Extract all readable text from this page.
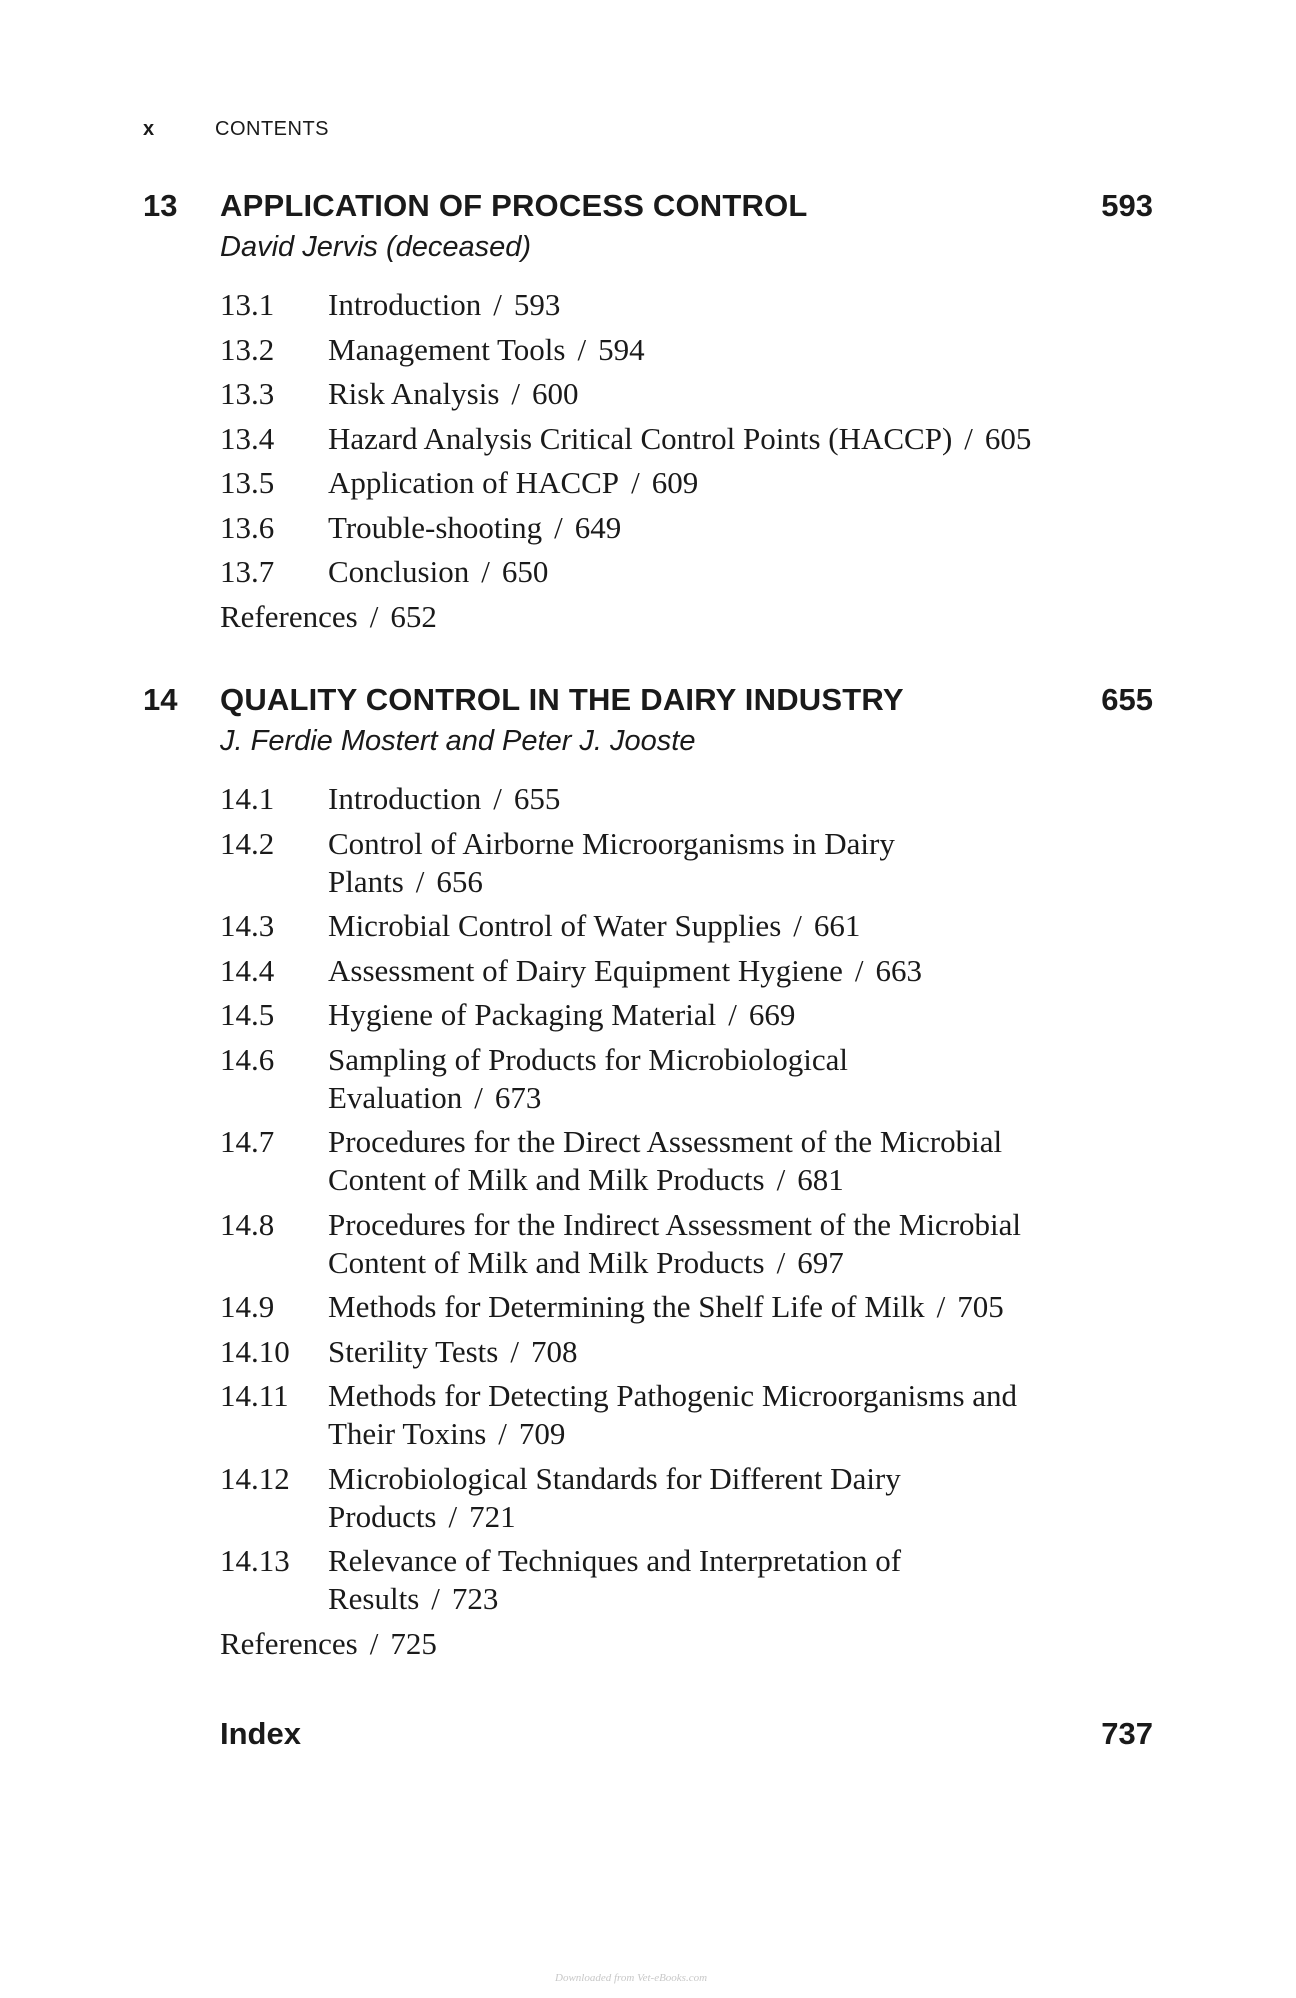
x	CONTENTS
13 APPLICATION OF PROCESS CONTROL	593
David Jervis (deceased)
13.1	Introduction / 593
13.2	Management Tools / 594
13.3	Risk Analysis / 600
13.4	Hazard Analysis Critical Control Points (HACCP) / 605
13.5	Application of HACCP / 609
13.6	Trouble-shooting / 649
13.7	Conclusion / 650
References / 652
14 QUALITY CONTROL IN THE DAIRY INDUSTRY	655
J. Ferdie Mostert and Peter J. Jooste
14.1	Introduction / 655
14.2	Control of Airborne Microorganisms in Dairy Plants / 656
14.3	Microbial Control of Water Supplies / 661
14.4	Assessment of Dairy Equipment Hygiene / 663
14.5	Hygiene of Packaging Material / 669
14.6	Sampling of Products for Microbiological Evaluation / 673
14.7	Procedures for the Direct Assessment of the Microbial Content of Milk and Milk Products / 681
14.8	Procedures for the Indirect Assessment of the Microbial Content of Milk and Milk Products / 697
14.9	Methods for Determining the Shelf Life of Milk / 705
14.10	Sterility Tests / 708
14.11	Methods for Detecting Pathogenic Microorganisms and Their Toxins / 709
14.12	Microbiological Standards for Different Dairy Products / 721
14.13	Relevance of Techniques and Interpretation of Results / 723
References / 725
Index	737
Downloaded from Vet-eBooks.com
